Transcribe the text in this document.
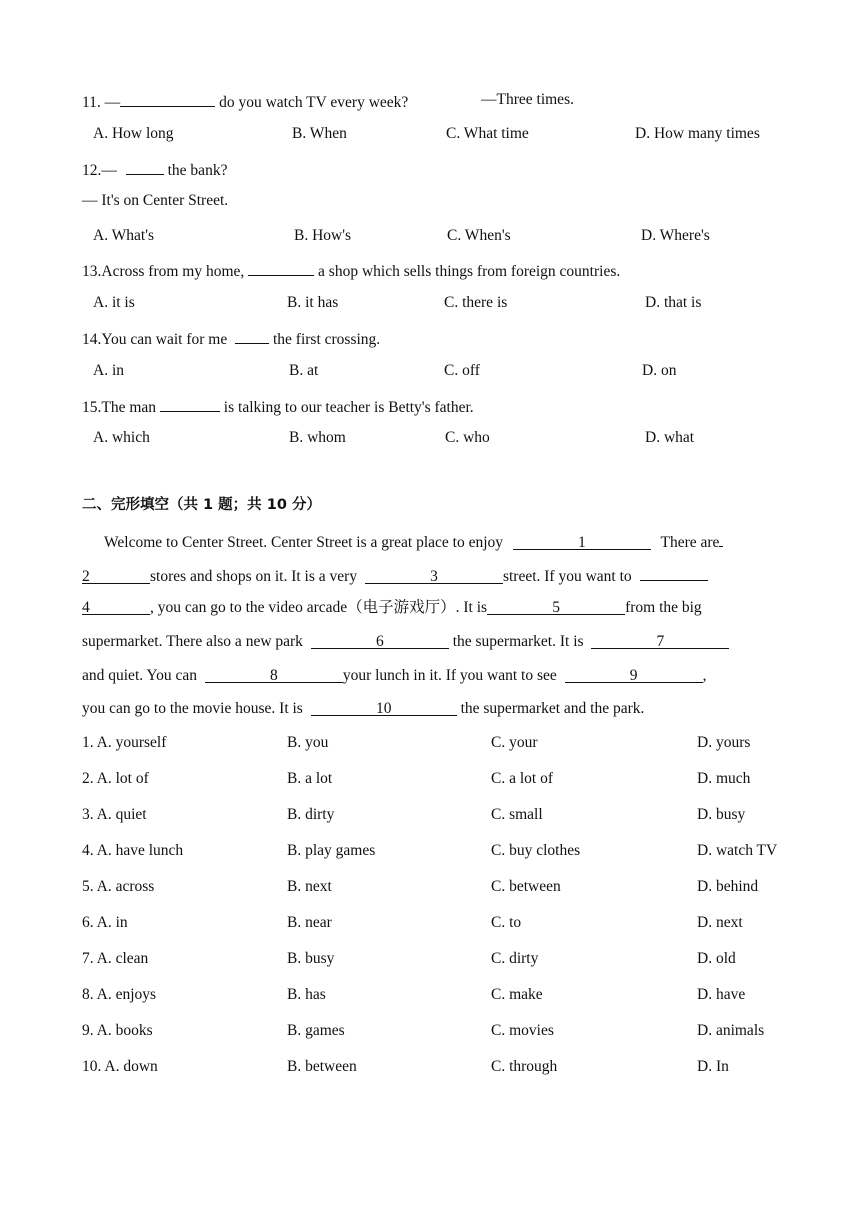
11. —	do you watch TV every week?	—Three times.
A. How long	B. When	C. What time	D. How many times
12.—	the bank?
— It's on Center Street.
A. What's	B. How's	C. When's	D. Where's
13.Across from my home,	a shop which sells things from foreign countries.
A. it is	B. it has	C. there is	D. that is
14.You can wait for me  the first crossing.
A. in	B. at	C. off	D. on
15.The man	is talking to our teacher is Betty's father.
A. which	B. whom	C. who	D. what
二、完形填空（共 1 题；共 10 分）
Welcome to Center Street. Center Street is a great place to enjoy	1	There are
2	stores and shops on it. It is a very	3	street. If you want to
4	, you can go to the video arcade（电子游戏厅）. It is	5	from the big
supermarket. There also a new park	6	the supermarket. It is	7
and quiet. You can	8	your lunch in it. If you want to see	9	,
you can go to the movie house. It is	10	the supermarket and the park.
1. A. yourself	B. you	C. your	D. yours
2. A. lot of	B. a lot	C. a lot of	D. much
3. A. quiet	B. dirty	C. small	D. busy
4. A. have lunch	B. play games	C. buy clothes	D. watch TV
5. A. across	B. next	C. between	D. behind
6. A. in	B. near	C. to	D. next
7. A. clean	B. busy	C. dirty	D. old
8. A. enjoys	B. has	C. make	D. have
9. A. books	B. games	C. movies	D. animals
10. A. down	B. between	C. through	D. In
